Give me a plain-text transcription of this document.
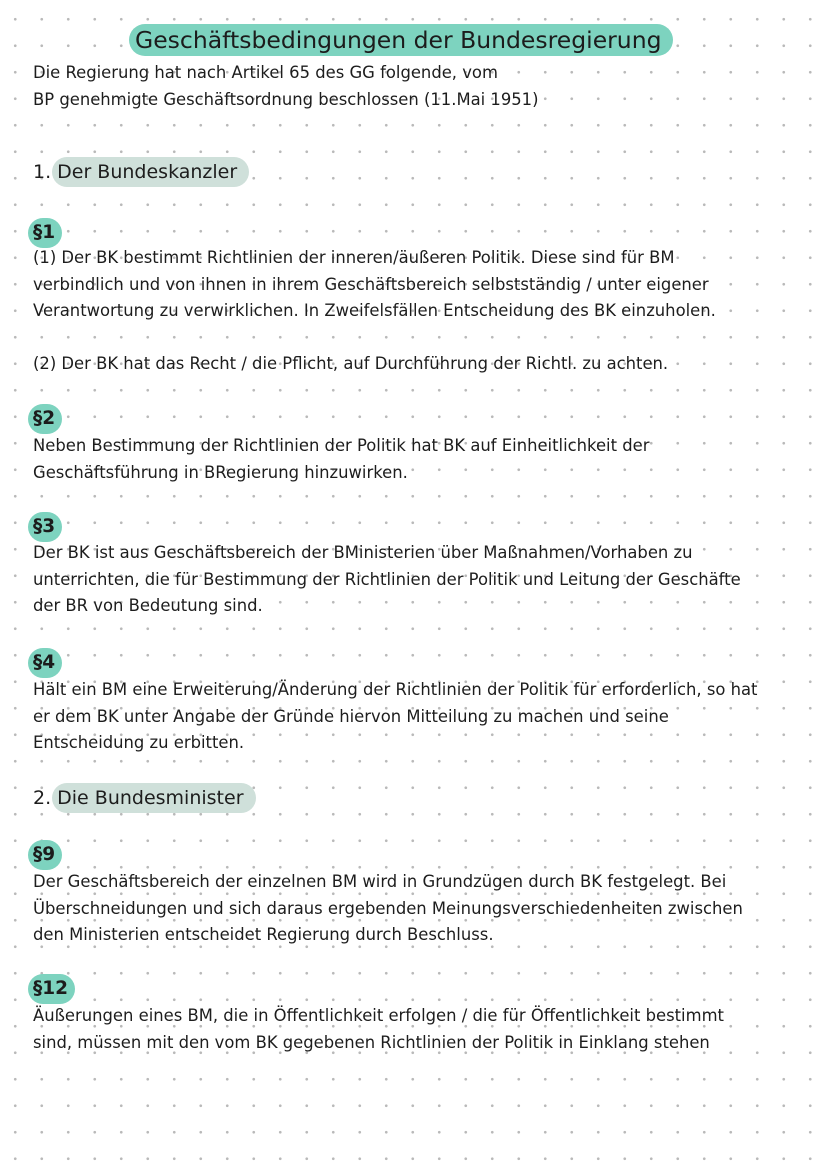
Geschäftsbedingungen der Bundesregierung
Die Regierung hat nach Artikel 65 des GG folgende, vom
BP genehmigte Geschäftsordnung beschlossen (11.Mai 1951)
1. Der Bundeskanzler
§1
(1) Der BK bestimmt Richtlinien der inneren/äußeren Politik. Diese sind für BM
verbindlich und von ihnen in ihrem Geschäftsbereich selbstständig / unter eigener
Verantwortung zu verwirklichen. In Zweifelsfällen Entscheidung des BK einzuholen.
(2) Der BK hat das Recht / die Pflicht, auf Durchführung der Richtl. zu achten.
§2
Neben Bestimmung der Richtlinien der Politik hat BK auf Einheitlichkeit der
Geschäftsführung in BRegierung hinzuwirken.
§3
Der BK ist aus Geschäftsbereich der BMinisterien über Maßnahmen/Vorhaben zu
unterrichten, die für Bestimmung der Richtlinien der Politik und Leitung der Geschäfte
der BR von Bedeutung sind.
§4
Hält ein BM eine Erweiterung/Änderung der Richtlinien der Politik für erforderlich, so hat
er dem BK unter Angabe der Gründe hiervon Mitteilung zu machen und seine
Entscheidung zu erbitten.
2. Die Bundesminister
§9
Der Geschäftsbereich der einzelnen BM wird in Grundzügen durch BK festgelegt. Bei
Überschneidungen und sich daraus ergebenden Meinungsverschiedenheiten zwischen
den Ministerien entscheidet Regierung durch Beschluss.
§12
Äußerungen eines BM, die in Öffentlichkeit erfolgen / die für Öffentlichkeit bestimmt
sind, müssen mit den vom BK gegebenen Richtlinien der Politik in Einklang stehen
